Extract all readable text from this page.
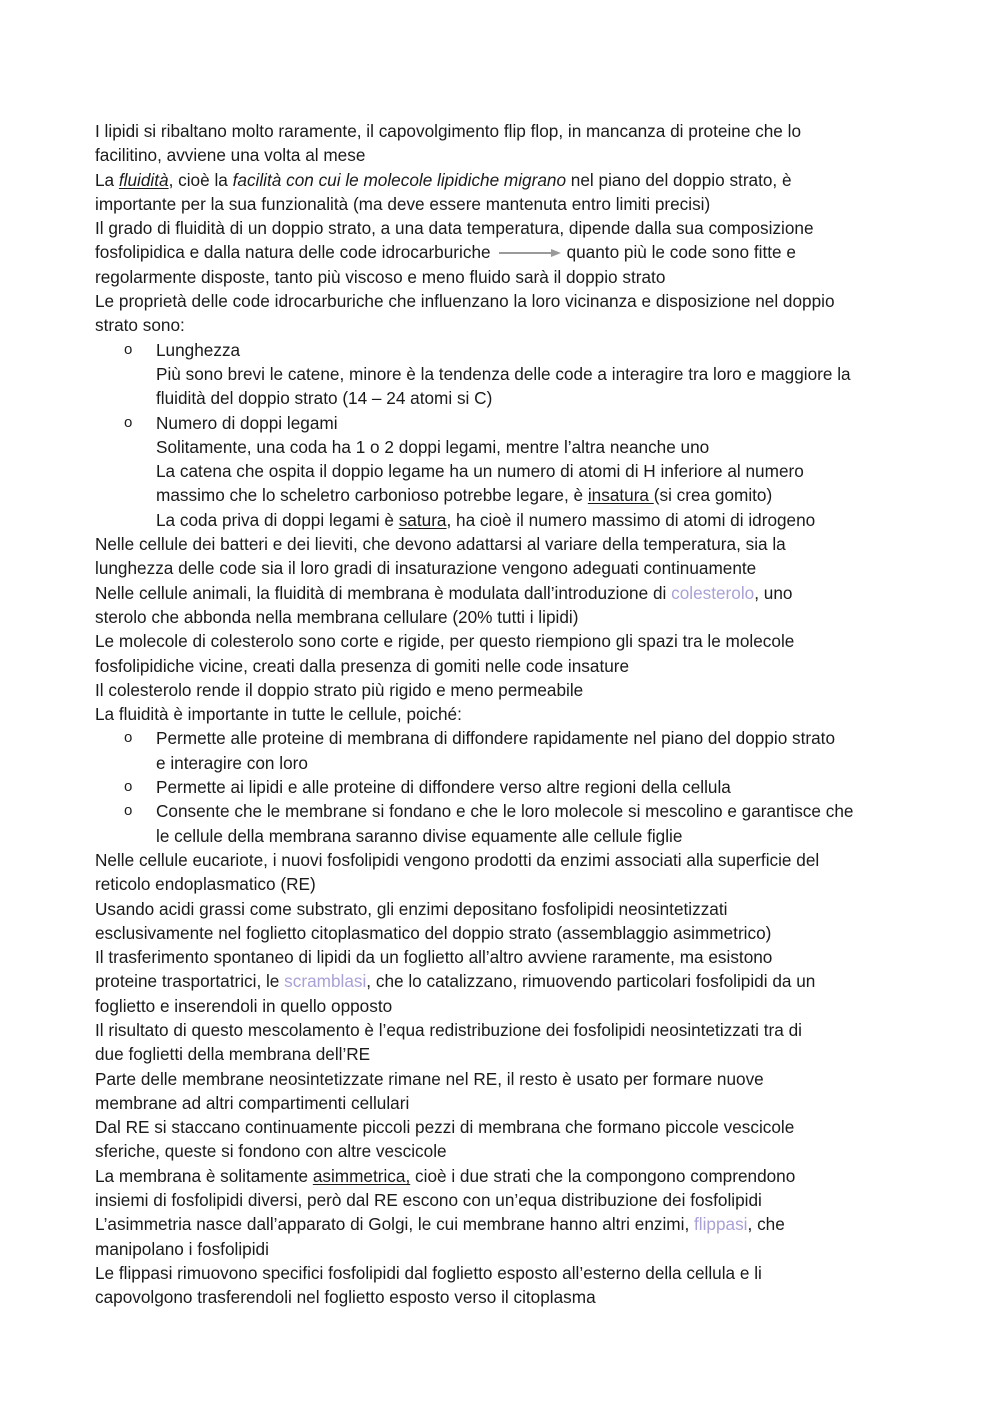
I lipidi si ribaltano molto raramente, il capovolgimento flip flop, in mancanza di proteine che lo
facilitino, avviene una volta al mese
La fluidità, cioè la facilità con cui le molecole lipidiche migrano nel piano del doppio strato, è
importante per la sua funzionalità (ma deve essere mantenuta entro limiti precisi)
Il grado di fluidità di un doppio strato, a una data temperatura, dipende dalla sua composizione
fosfolipidica e dalla natura delle code idrocarburiche	quanto più le code sono fitte e
regolarmente disposte, tanto più viscoso e meno fluido sarà il doppio strato
Le proprietà delle code idrocarburiche che influenzano la loro vicinanza e disposizione nel doppio
strato sono:
o Lunghezza
Più sono brevi le catene, minore è la tendenza delle code a interagire tra loro e maggiore la
fluidità del doppio strato (14 – 24 atomi si C)
o Numero di doppi legami
Solitamente, una coda ha 1 o 2 doppi legami, mentre l’altra neanche uno
La catena che ospita il doppio legame ha un numero di atomi di H inferiore al numero
massimo che lo scheletro carbonioso potrebbe legare, è insatura (si crea gomito)
La coda priva di doppi legami è satura, ha cioè il numero massimo di atomi di idrogeno
Nelle cellule dei batteri e dei lieviti, che devono adattarsi al variare della temperatura, sia la
lunghezza delle code sia il loro gradi di insaturazione vengono adeguati continuamente
Nelle cellule animali, la fluidità di membrana è modulata dall’introduzione di colesterolo, uno
sterolo che abbonda nella membrana cellulare (20% tutti i lipidi)
Le molecole di colesterolo sono corte e rigide, per questo riempiono gli spazi tra le molecole
fosfolipidiche vicine, creati dalla presenza di gomiti nelle code insature
Il colesterolo rende il doppio strato più rigido e meno permeabile
La fluidità è importante in tutte le cellule, poiché:
o Permette alle proteine di membrana di diffondere rapidamente nel piano del doppio strato
e interagire con loro
o Permette ai lipidi e alle proteine di diffondere verso altre regioni della cellula
o Consente che le membrane si fondano e che le loro molecole si mescolino e garantisce che
le cellule della membrana saranno divise equamente alle cellule figlie
Nelle cellule eucariote, i nuovi fosfolipidi vengono prodotti da enzimi associati alla superficie del
reticolo endoplasmatico (RE)
Usando acidi grassi come substrato, gli enzimi depositano fosfolipidi neosintetizzati
esclusivamente nel foglietto citoplasmatico del doppio strato (assemblaggio asimmetrico)
Il trasferimento spontaneo di lipidi da un foglietto all’altro avviene raramente, ma esistono
proteine trasportatrici, le scramblasi, che lo catalizzano, rimuovendo particolari fosfolipidi da un
foglietto e inserendoli in quello opposto
Il risultato di questo mescolamento è l’equa redistribuzione dei fosfolipidi neosintetizzati tra di
due foglietti della membrana dell’RE
Parte delle membrane neosintetizzate rimane nel RE, il resto è usato per formare nuove
membrane ad altri compartimenti cellulari
Dal RE si staccano continuamente piccoli pezzi di membrana che formano piccole vescicole
sferiche, queste si fondono con altre vescicole
La membrana è solitamente asimmetrica, cioè i due strati che la compongono comprendono
insiemi di fosfolipidi diversi, però dal RE escono con un’equa distribuzione dei fosfolipidi
L’asimmetria nasce dall’apparato di Golgi, le cui membrane hanno altri enzimi, flippasi, che
manipolano i fosfolipidi
Le flippasi rimuovono specifici fosfolipidi dal foglietto esposto all’esterno della cellula e li
capovolgono trasferendoli nel foglietto esposto verso il citoplasma
